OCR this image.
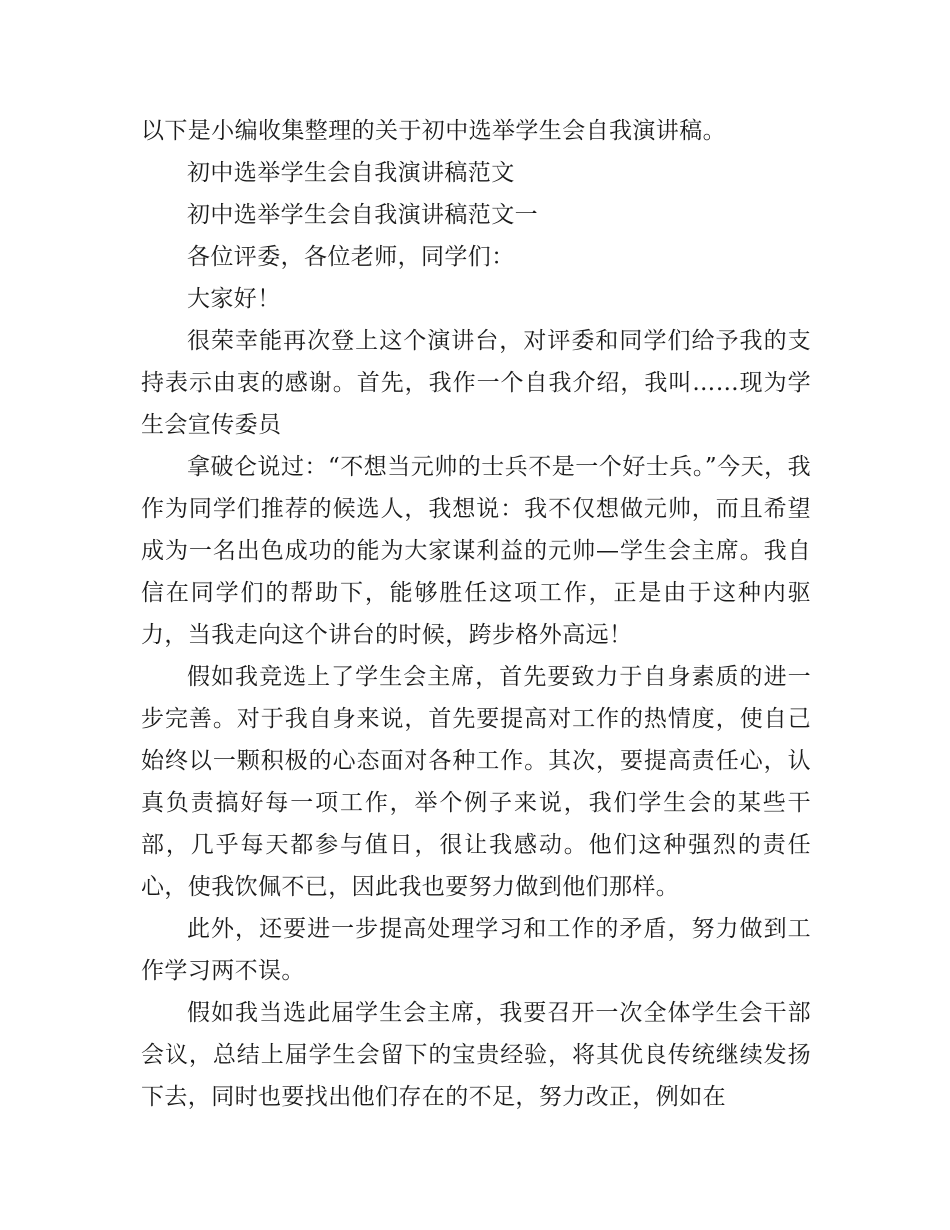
以下是小编收集整理的关于初中选举学生会自我演讲稿。

初中选举学生会自我演讲稿范文

初中选举学生会自我演讲稿范文一

各位评委，各位老师，同学们：

大家好！

很荣幸能再次登上这个演讲台，对评委和同学们给予我的支持表示由衷的感谢。首先，我作一个自我介绍，我叫……现为学生会宣传委员

拿破仑说过：“不想当元帅的士兵不是一个好士兵。”今天，我作为同学们推荐的候选人，我想说：我不仅想做元帅，而且希望成为一名出色成功的能为大家谋利益的元帅—学生会主席。我自信在同学们的帮助下，能够胜任这项工作，正是由于这种内驱力，当我走向这个讲台的时候，跨步格外高远！

假如我竞选上了学生会主席，首先要致力于自身素质的进一步完善。对于我自身来说，首先要提高对工作的热情度，使自己始终以一颗积极的心态面对各种工作。其次，要提高责任心，认真负责搞好每一项工作，举个例子来说，我们学生会的某些干部，几乎每天都参与值日，很让我感动。他们这种强烈的责任心，使我饮佩不已，因此我也要努力做到他们那样。

此外，还要进一步提高处理学习和工作的矛盾，努力做到工作学习两不误。

假如我当选此届学生会主席，我要召开一次全体学生会干部会议，总结上届学生会留下的宝贵经验，将其优良传统继续发扬下去，同时也要找出他们存在的不足，努力改正，例如在
